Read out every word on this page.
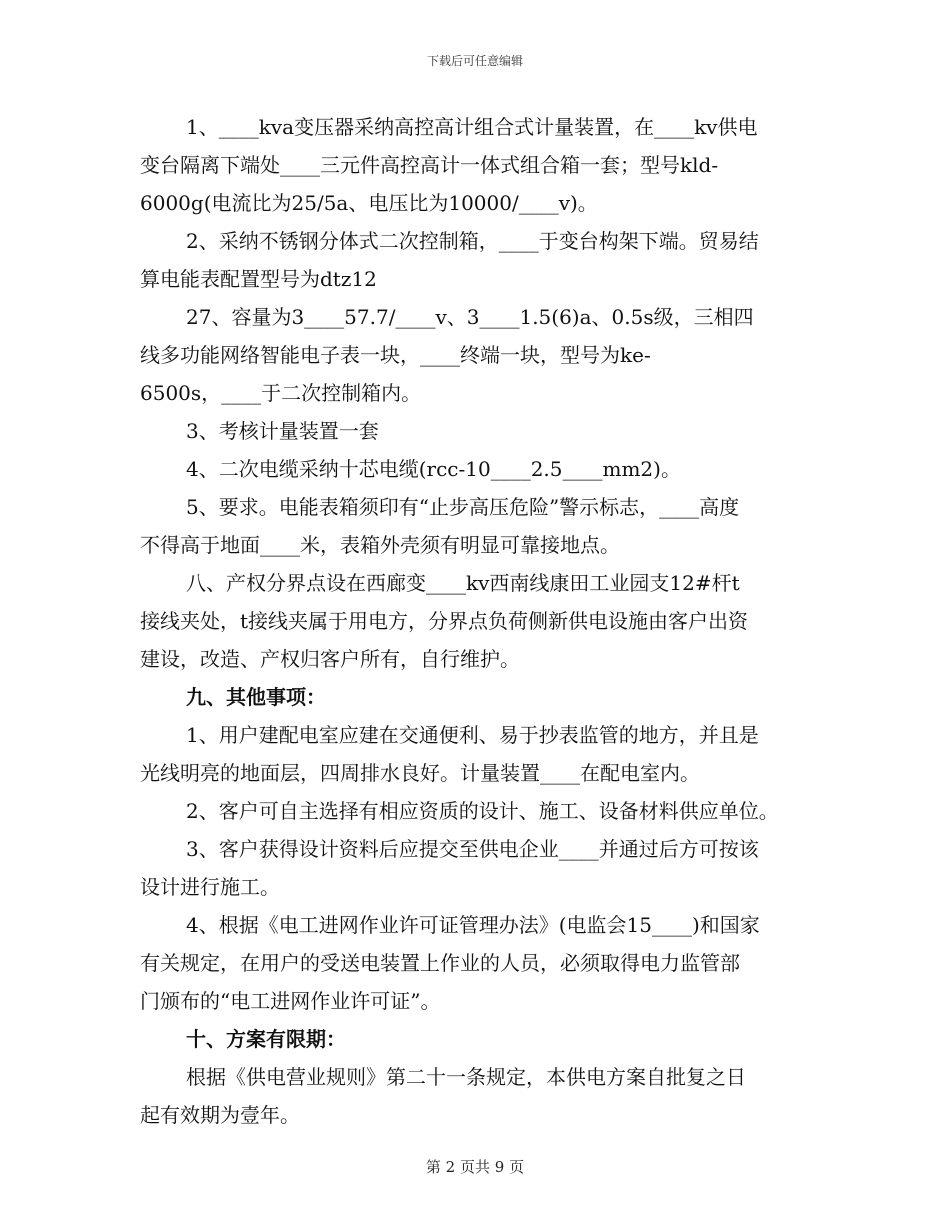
下载后可任意编辑
1、____kva变压器采纳高控高计组合式计量装置，在____kv供电
变台隔离下端处____三元件高控高计一体式组合箱一套；型号kld-
6000g(电流比为25/5a、电压比为10000/____v)。
2、采纳不锈钢分体式二次控制箱，____于变台构架下端。贸易结
算电能表配置型号为dtz12
27、容量为3____57.7/____v、3____1.5(6)a、0.5s级，三相四
线多功能网络智能电子表一块，____终端一块，型号为ke-
6500s，____于二次控制箱内。
3、考核计量装置一套
4、二次电缆采纳十芯电缆(rcc-10____2.5____mm2)。
5、要求。电能表箱须印有“止步高压危险”警示标志，____高度
不得高于地面____米，表箱外壳须有明显可靠接地点。
八、产权分界点设在西廊变____kv西南线康田工业园支12#杆t
接线夹处，t接线夹属于用电方，分界点负荷侧新供电设施由客户出资
建设，改造、产权归客户所有，自行维护。
九、其他事项：
1、用户建配电室应建在交通便利、易于抄表监管的地方，并且是
光线明亮的地面层，四周排水良好。计量装置____在配电室内。
2、客户可自主选择有相应资质的设计、施工、设备材料供应单位。
3、客户获得设计资料后应提交至供电企业____并通过后方可按该
设计进行施工。
4、根据《电工进网作业许可证管理办法》(电监会15____)和国家
有关规定，在用户的受送电装置上作业的人员，必须取得电力监管部
门颁布的“电工进网作业许可证”。
十、方案有限期：
根据《供电营业规则》第二十一条规定，本供电方案自批复之日
起有效期为壹年。
第 2 页共 9 页
